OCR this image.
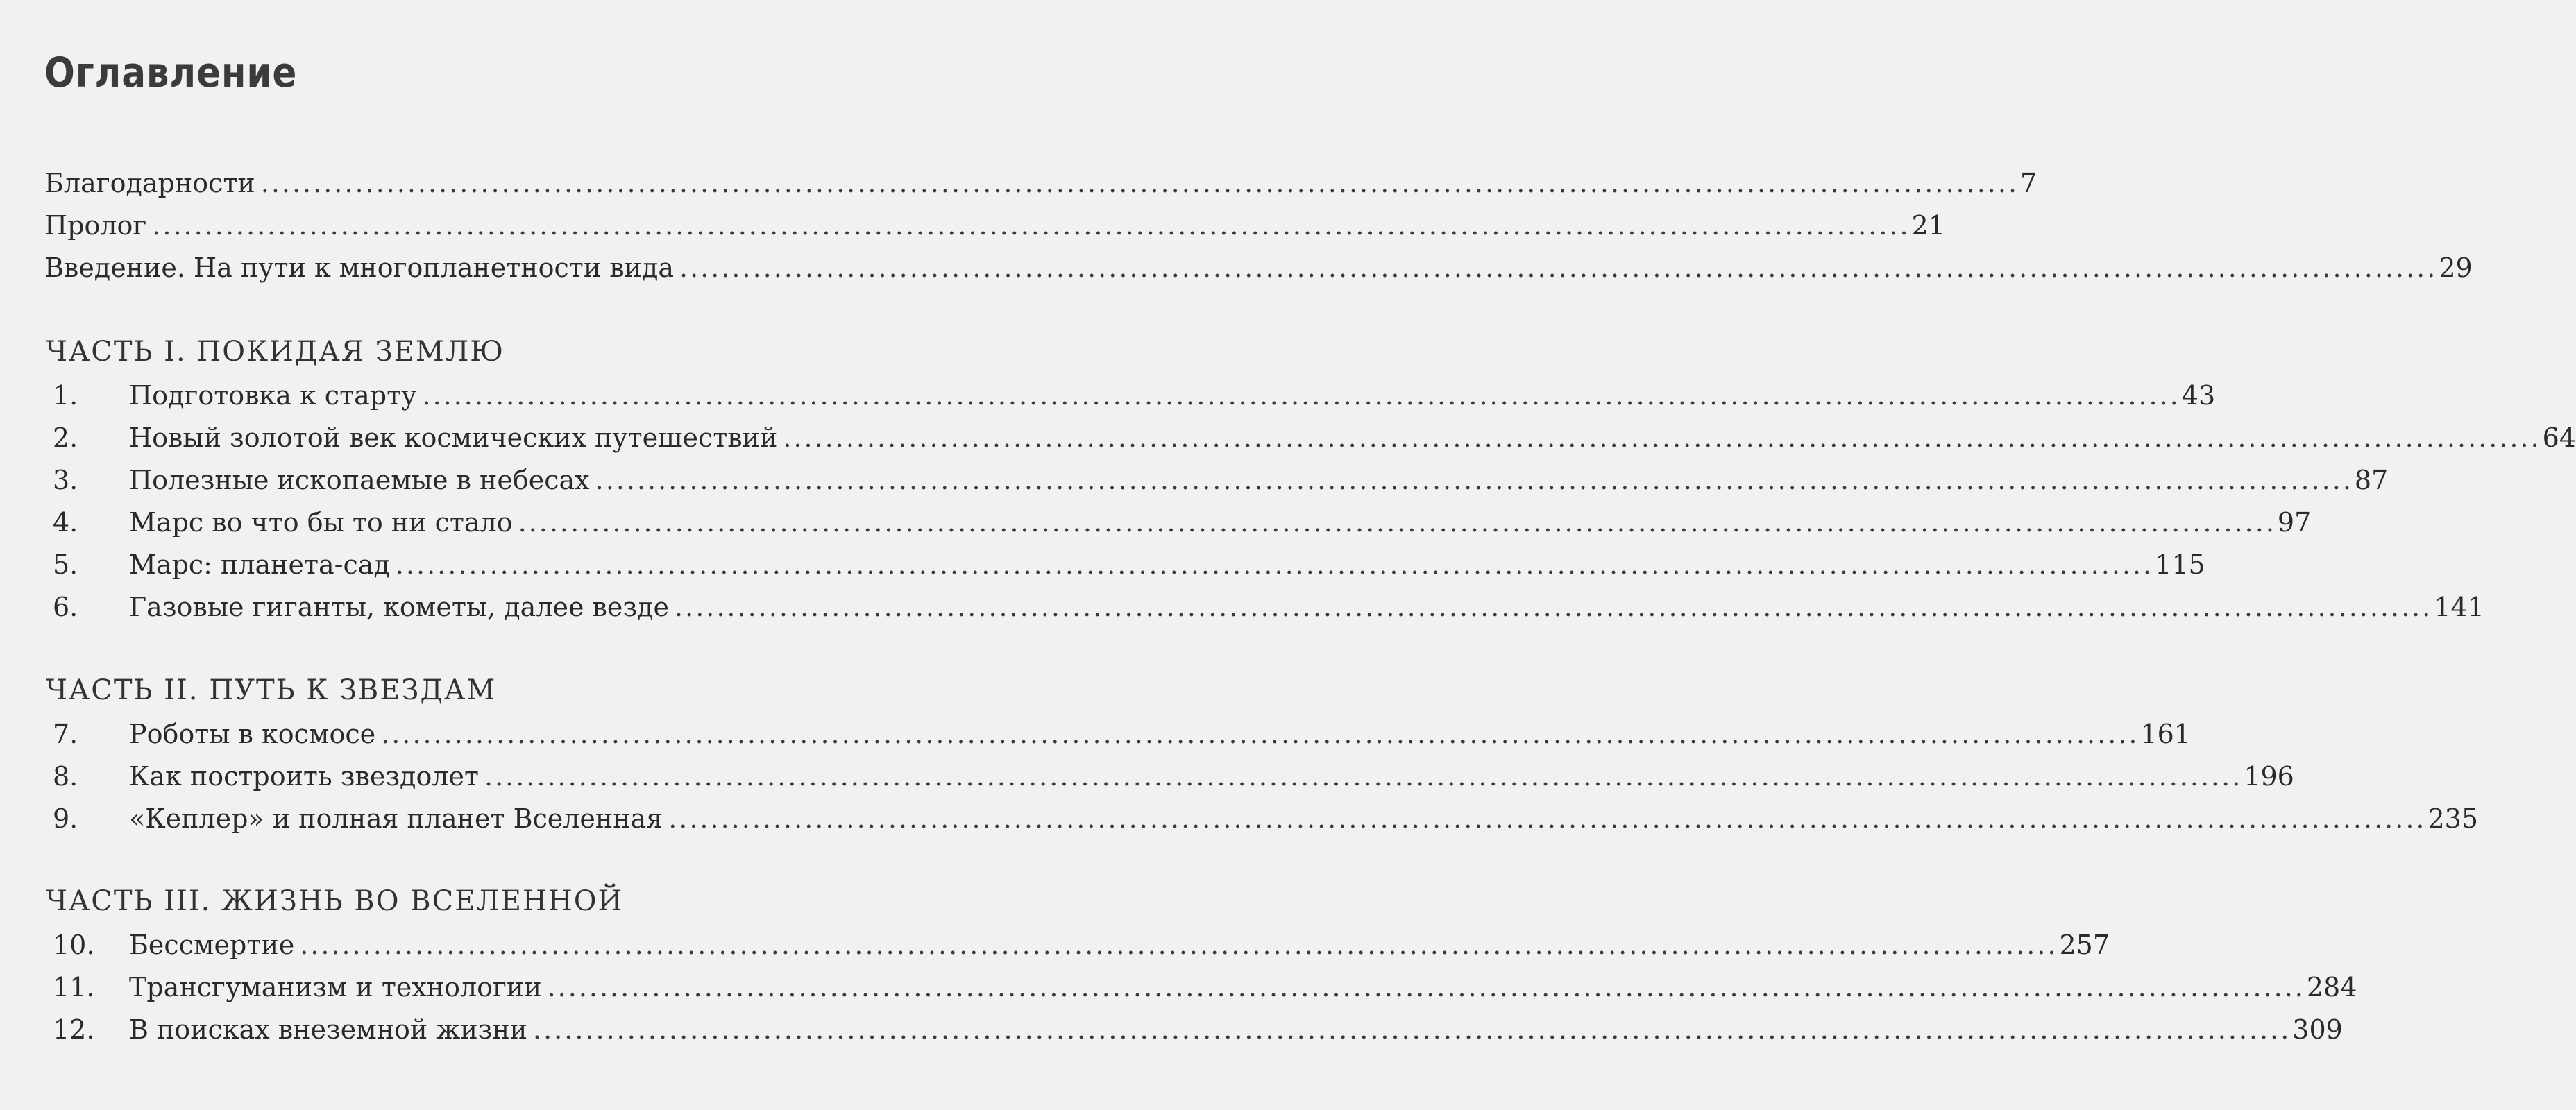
Оглавление
Благодарности ........................................................................................................................................................................ 7
Пролог ........................................................................................................................................................................ 21
Введение. На пути к многопланетности вида ........................................................................................................................................................................ 29
ЧАСТЬ I. ПОКИДАЯ ЗЕМЛЮ
1.	Подготовка к старту ........................................................................................................................................................................ 43
2.	Новый золотой век космических путешествий ........................................................................................................................................................................ 64
3.	Полезные ископаемые в небесах ........................................................................................................................................................................ 87
4.	Марс во что бы то ни стало ........................................................................................................................................................................ 97
5.	Марс: планета-сад ........................................................................................................................................................................ 115
6.	Газовые гиганты, кометы, далее везде ........................................................................................................................................................................ 141
ЧАСТЬ II. ПУТЬ К ЗВЕЗДАМ
7.	Роботы в космосе ........................................................................................................................................................................ 161
8.	Как построить звездолет ........................................................................................................................................................................ 196
9.	«Кеплер» и полная планет Вселенная ........................................................................................................................................................................ 235
ЧАСТЬ III. ЖИЗНЬ ВО ВСЕЛЕННОЙ
10.	Бессмертие ........................................................................................................................................................................ 257
11.	Трансгуманизм и технологии ........................................................................................................................................................................ 284
12.	В поисках внеземной жизни ........................................................................................................................................................................ 309
